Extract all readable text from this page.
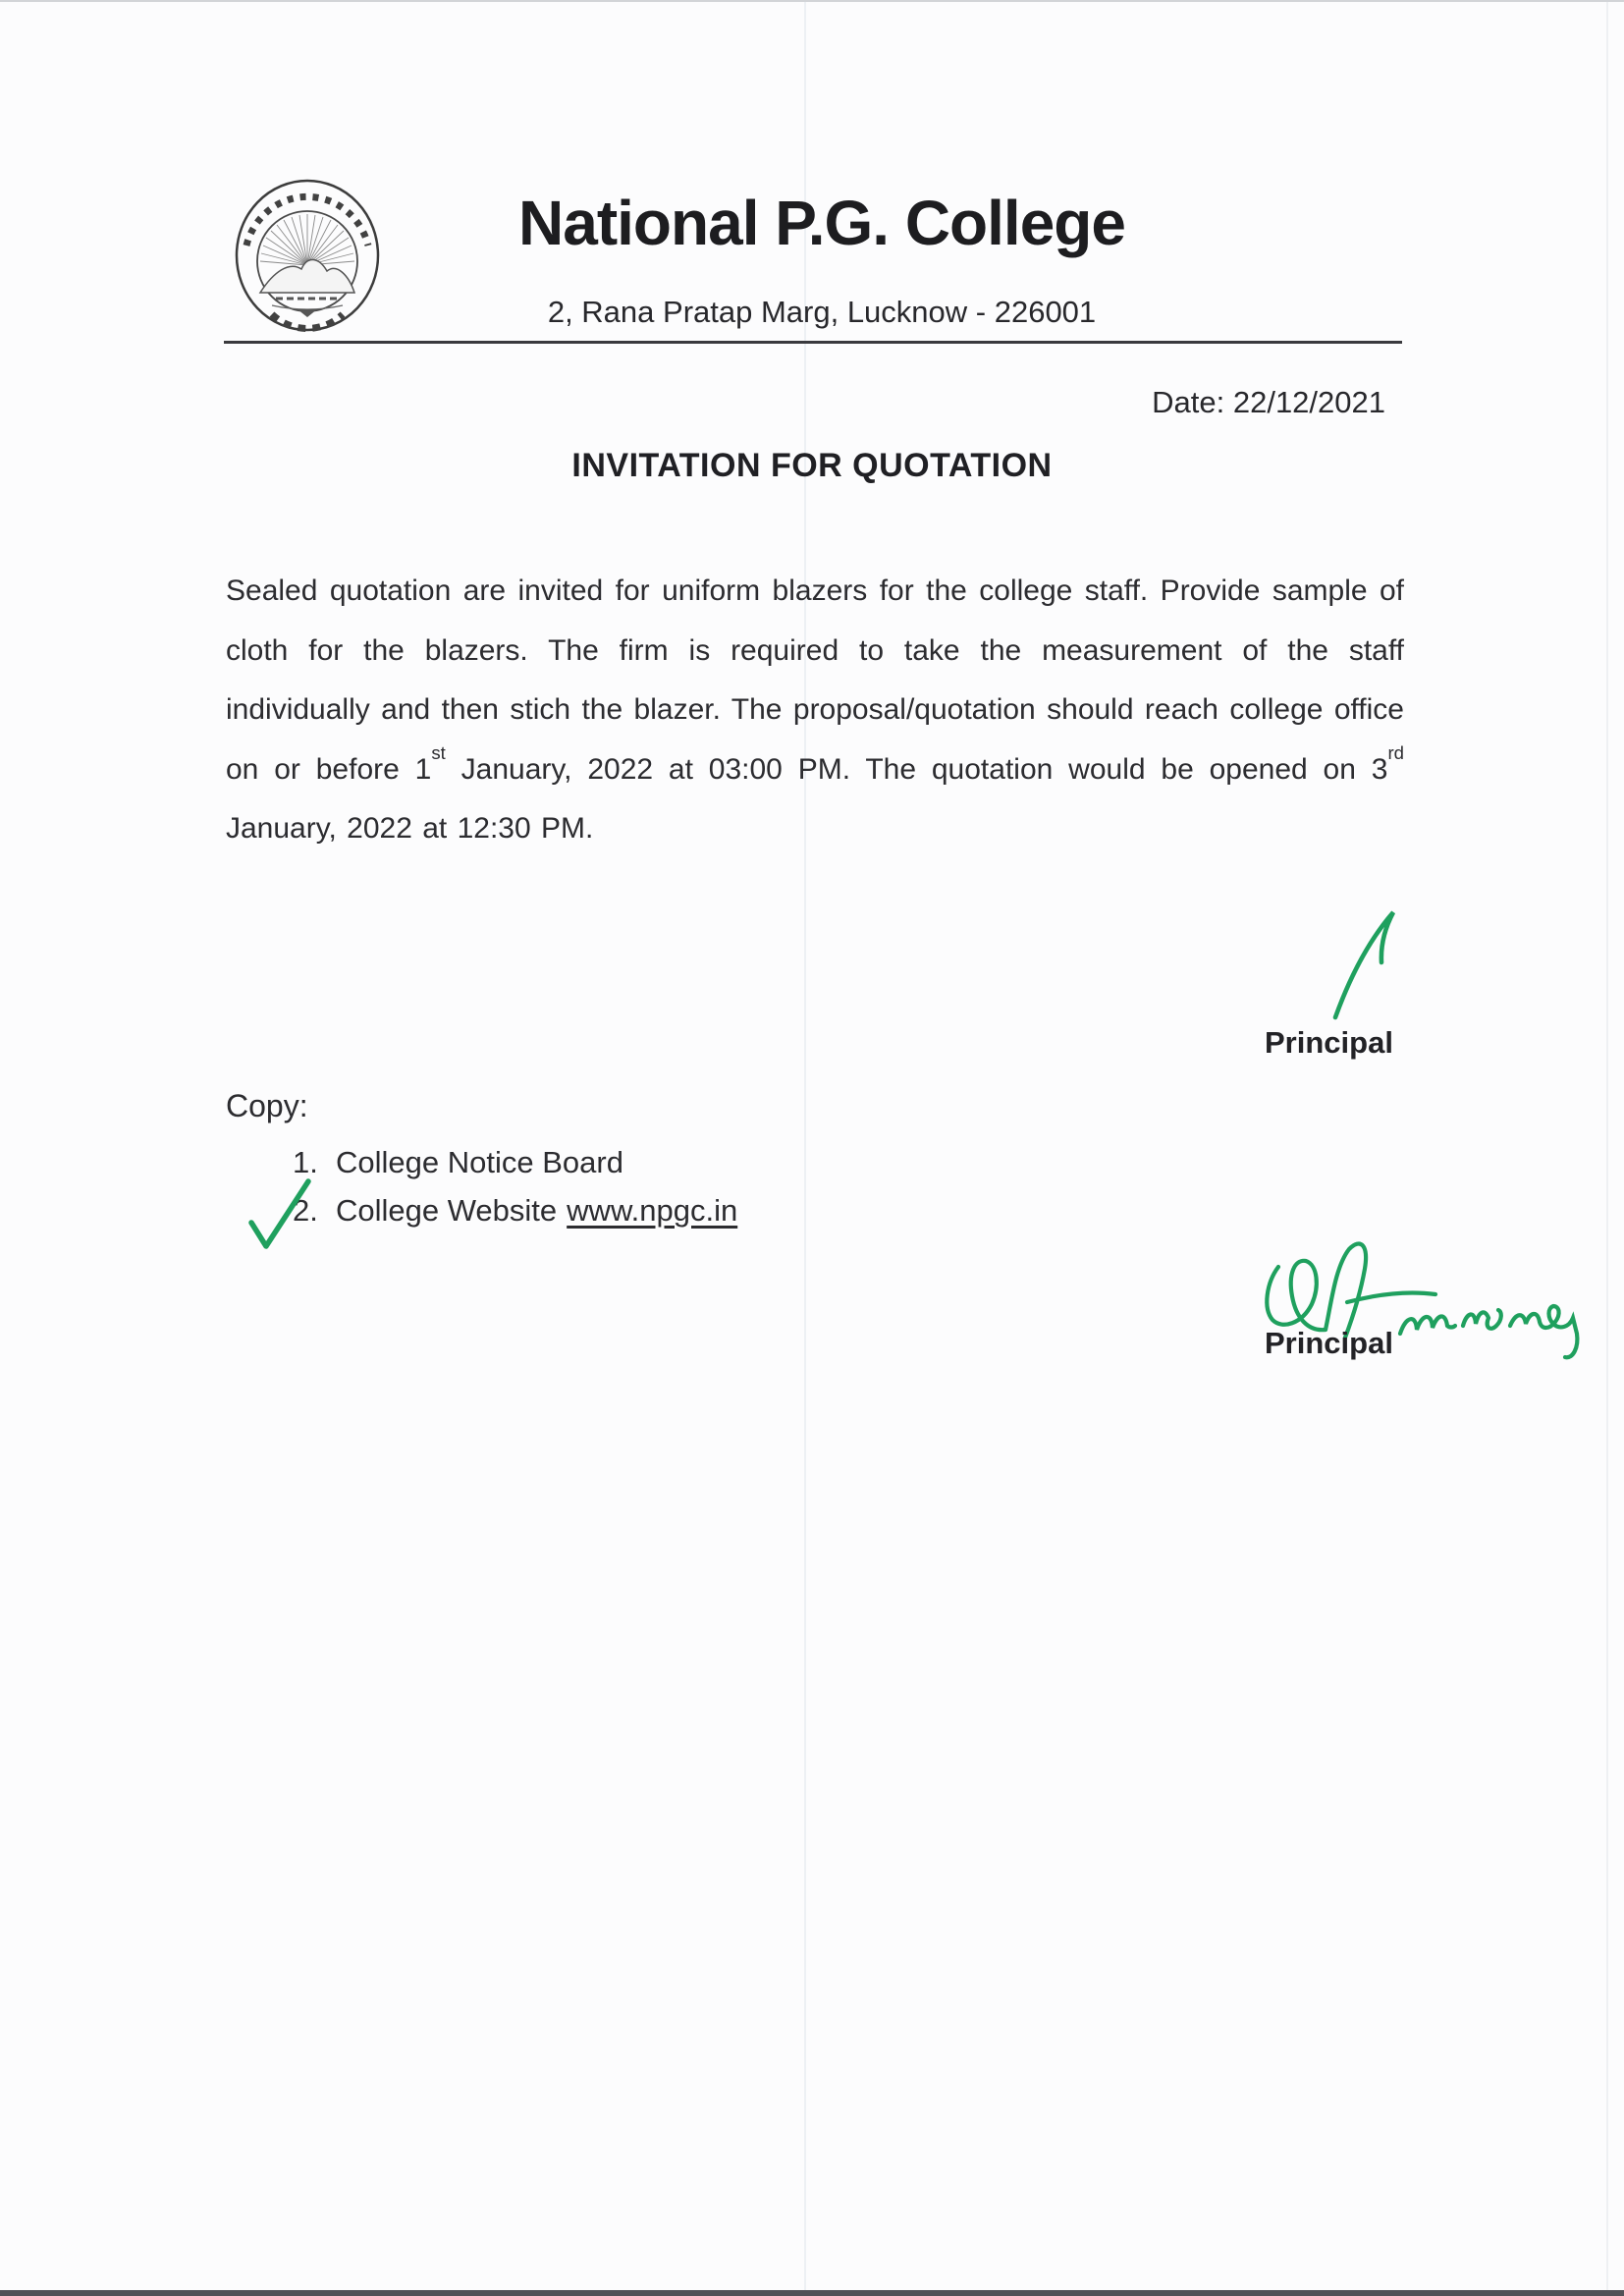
National P.G. College
2, Rana Pratap Marg, Lucknow - 226001
Date: 22/12/2021
INVITATION FOR QUOTATION
Sealed quotation are invited for uniform blazers for the college staff. Provide sample of cloth for the blazers. The firm is required to take the measurement of the staff individually and then stich the blazer. The proposal/quotation should reach college office on or before 1st January, 2022 at 03:00 PM. The quotation would be opened on 3rd January, 2022 at 12:30 PM.
Principal
Copy:
1. College Notice Board
2. College Website www.npgc.in
Principal
